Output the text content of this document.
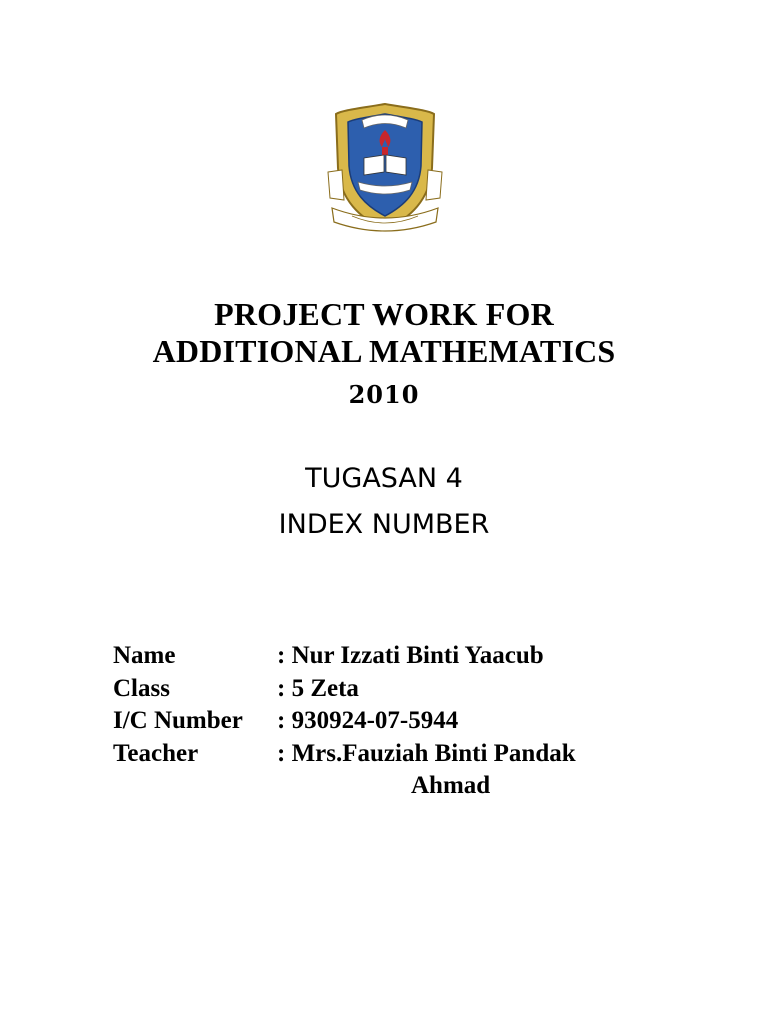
PROJECT WORK FOR
ADDITIONAL MATHEMATICS
2010
TUGASAN 4
INDEX NUMBER
Name	: Nur Izzati Binti Yaacub
Class	: 5 Zeta
I/C Number	: 930924-07-5944
Teacher	: Mrs.Fauziah Binti Pandak
Ahmad
